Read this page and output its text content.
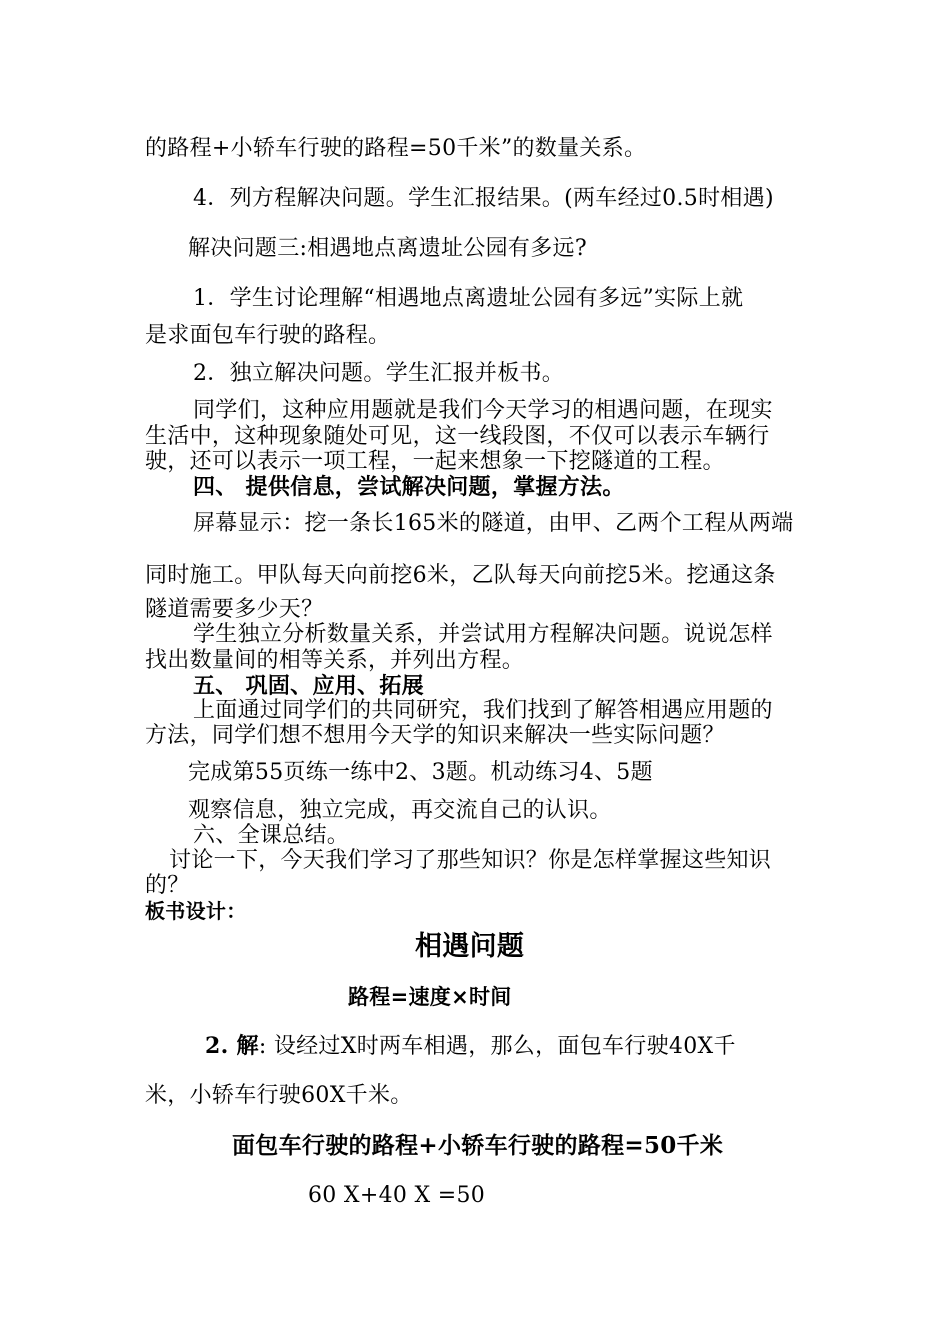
的路程+小轿车行驶的路程=50千米”的数量关系。
4．列方程解决问题。学生汇报结果。(两车经过0.5时相遇)
解决问题三:相遇地点离遗址公园有多远?
1．学生讨论理解“相遇地点离遗址公园有多远”实际上就
是求面包车行驶的路程。
2．独立解决问题。学生汇报并板书。
同学们，这种应用题就是我们今天学习的相遇问题，在现实
生活中，这种现象随处可见，这一线段图，不仅可以表示车辆行
驶，还可以表示一项工程，一起来想象一下挖隧道的工程。
四、 提供信息，尝试解决问题，掌握方法。
屏幕显示：挖一条长165米的隧道，由甲、乙两个工程从两端
同时施工。甲队每天向前挖6米，乙队每天向前挖5米。挖通这条
隧道需要多少天？
学生独立分析数量关系，并尝试用方程解决问题。说说怎样
找出数量间的相等关系，并列出方程。
五、 巩固、应用、拓展
上面通过同学们的共同研究，我们找到了解答相遇应用题的
方法，同学们想不想用今天学的知识来解决一些实际问题？
完成第55页练一练中2、3题。机动练习4、5题
观察信息，独立完成，再交流自己的认识。
六、全课总结。
讨论一下，今天我们学习了那些知识？你是怎样掌握这些知识
的？
板书设计：
相遇问题
路程=速度×时间
2. 解: 设经过X时两车相遇，那么，面包车行驶40X千
米，小轿车行驶60X千米。
面包车行驶的路程+小轿车行驶的路程=50千米
60 X+40 X =50
